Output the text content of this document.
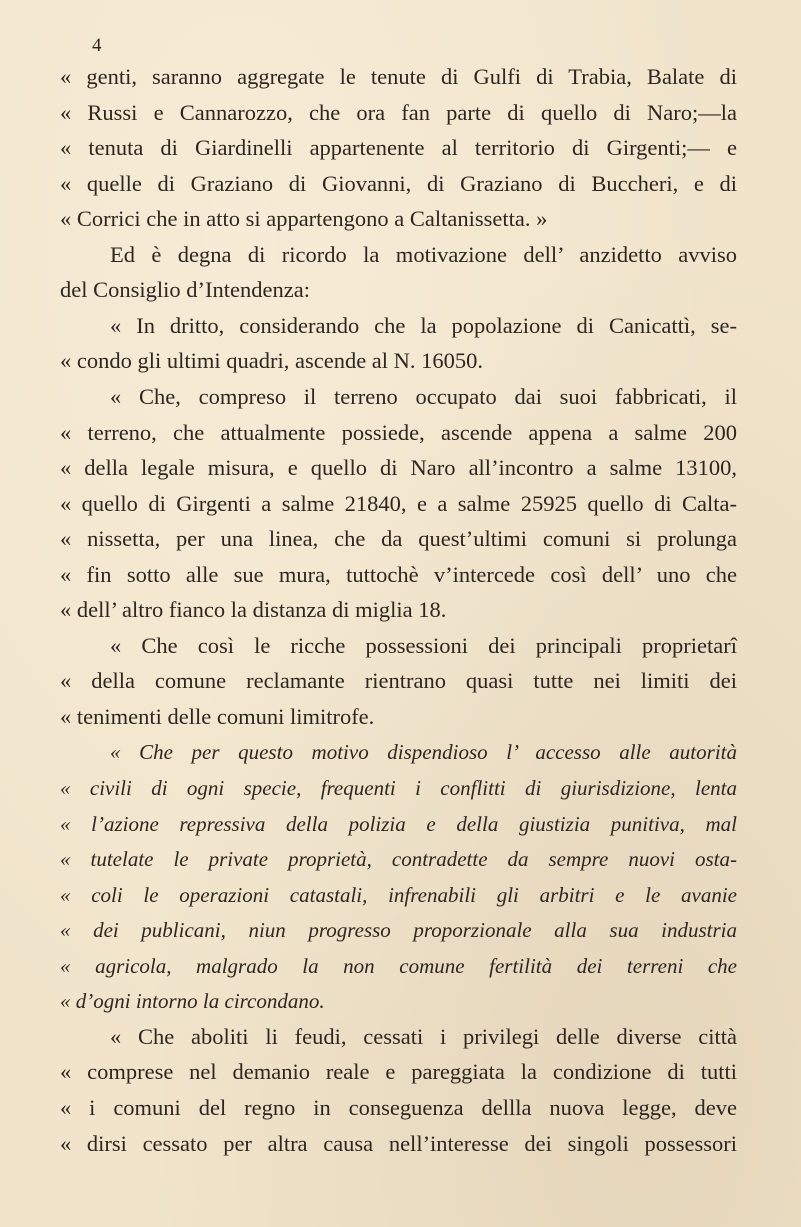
4
« genti, saranno aggregate le tenute di Gulfi di Trabia, Balate di
« Russi e Cannarozzo, che ora fan parte di quello di Naro;—la
« tenuta di Giardinelli appartenente al territorio di Girgenti;— e
« quelle di Graziano di Giovanni, di Graziano di Buccheri, e di
« Corrici che in atto si appartengono a Caltanissetta. »
Ed è degna di ricordo la motivazione dell’ anzidetto avviso
del Consiglio d’Intendenza:
« In dritto, considerando che la popolazione di Canicattì, se-
« condo gli ultimi quadri, ascende al N. 16050.
« Che, compreso il terreno occupato dai suoi fabbricati, il
« terreno, che attualmente possiede, ascende appena a salme 200
« della legale misura, e quello di Naro all’incontro a salme 13100,
« quello di Girgenti a salme 21840, e a salme 25925 quello di Calta-
« nissetta, per una linea, che da quest’ultimi comuni si prolunga
« fin sotto alle sue mura, tuttochè v’intercede così dell’ uno che
« dell’ altro fianco la distanza di miglia 18.
« Che così le ricche possessioni dei principali proprietarî
« della comune reclamante rientrano quasi tutte nei limiti dei
« tenimenti delle comuni limitrofe.
« Che per questo motivo dispendioso l’ accesso alle autorità
« civili di ogni specie, frequenti i conflitti di giurisdizione, lenta
« l’azione repressiva della polizia e della giustizia punitiva, mal
« tutelate le private proprietà, contradette da sempre nuovi osta-
« coli le operazioni catastali, infrenabili gli arbitri e le avanie
« dei publicani, niun progresso proporzionale alla sua industria
« agricola, malgrado la non comune fertilità dei terreni che
« d’ogni intorno la circondano.
« Che aboliti li feudi, cessati i privilegi delle diverse città
« comprese nel demanio reale e pareggiata la condizione di tutti
« i comuni del regno in conseguenza dellla nuova legge, deve
« dirsi cessato per altra causa nell’interesse dei singoli possessori
